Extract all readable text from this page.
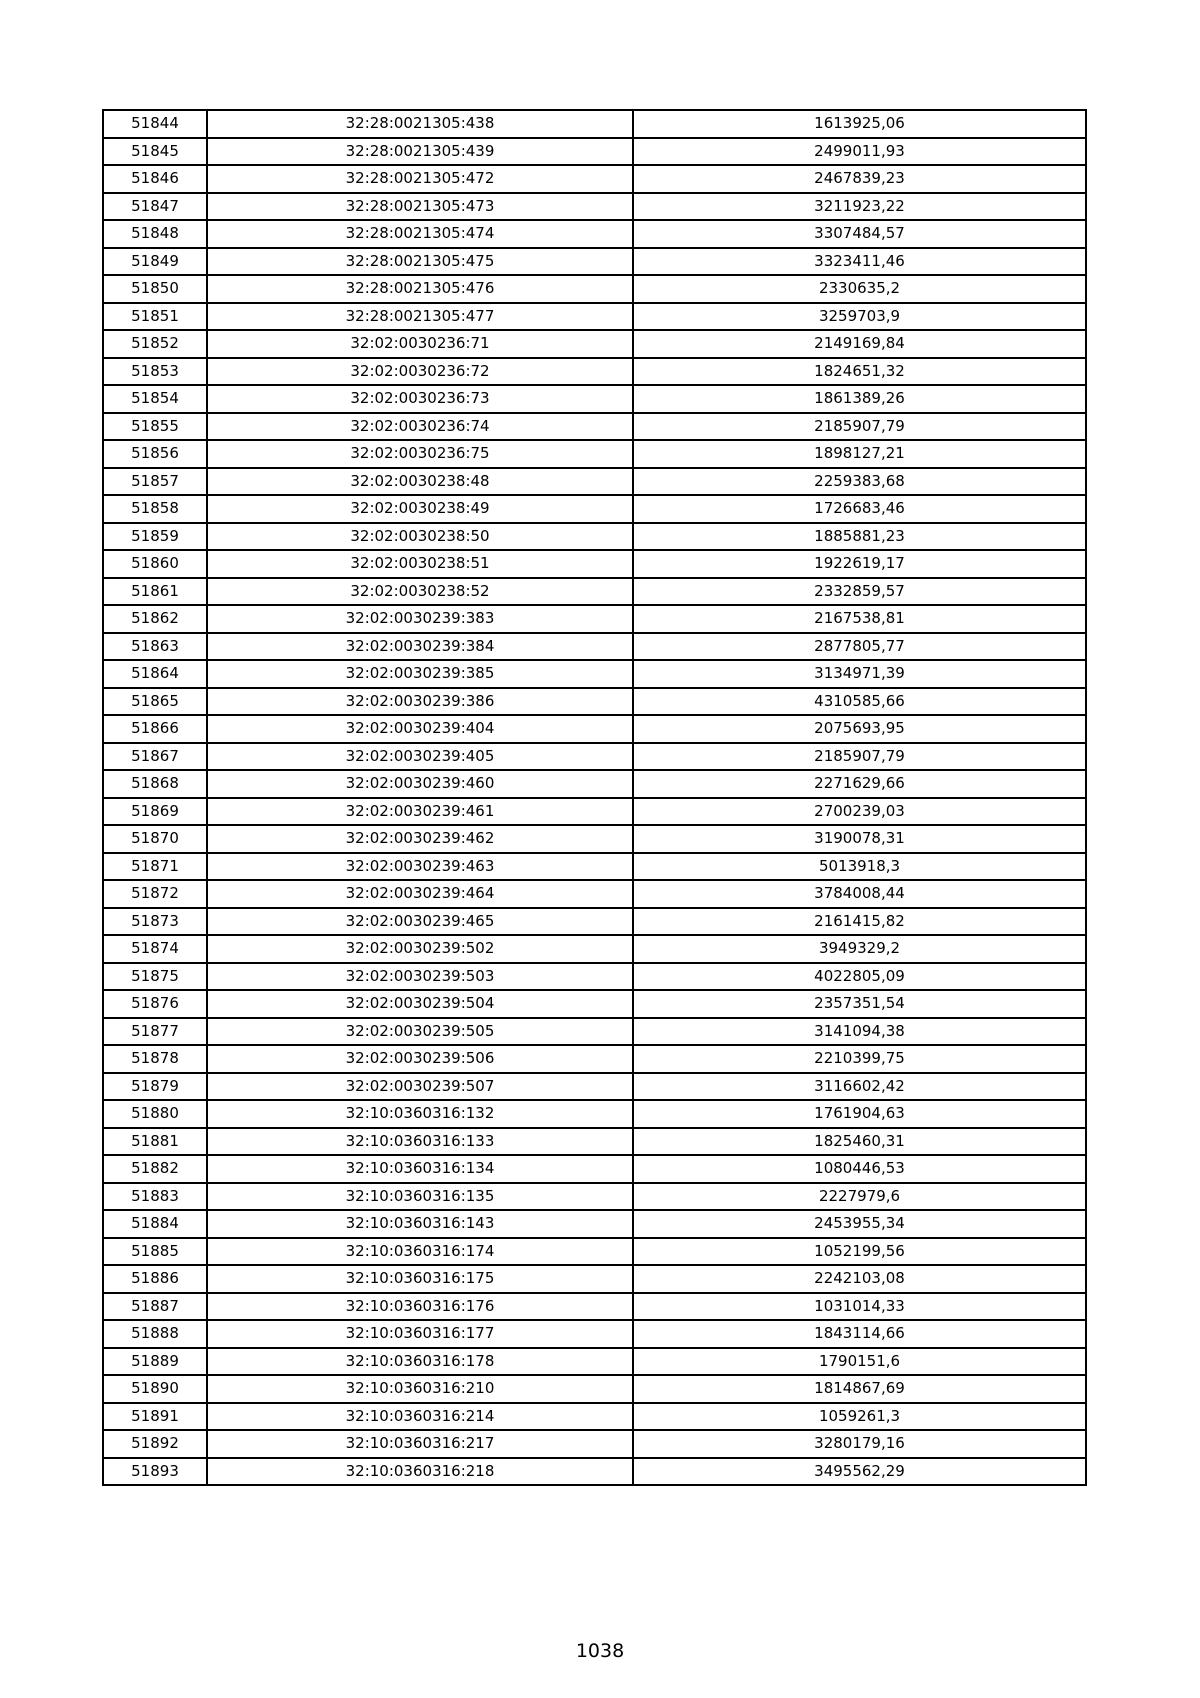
51844	32:28:0021305:438	1613925,06
51845	32:28:0021305:439	2499011,93
51846	32:28:0021305:472	2467839,23
51847	32:28:0021305:473	3211923,22
51848	32:28:0021305:474	3307484,57
51849	32:28:0021305:475	3323411,46
51850	32:28:0021305:476	2330635,2
51851	32:28:0021305:477	3259703,9
51852	32:02:0030236:71	2149169,84
51853	32:02:0030236:72	1824651,32
51854	32:02:0030236:73	1861389,26
51855	32:02:0030236:74	2185907,79
51856	32:02:0030236:75	1898127,21
51857	32:02:0030238:48	2259383,68
51858	32:02:0030238:49	1726683,46
51859	32:02:0030238:50	1885881,23
51860	32:02:0030238:51	1922619,17
51861	32:02:0030238:52	2332859,57
51862	32:02:0030239:383	2167538,81
51863	32:02:0030239:384	2877805,77
51864	32:02:0030239:385	3134971,39
51865	32:02:0030239:386	4310585,66
51866	32:02:0030239:404	2075693,95
51867	32:02:0030239:405	2185907,79
51868	32:02:0030239:460	2271629,66
51869	32:02:0030239:461	2700239,03
51870	32:02:0030239:462	3190078,31
51871	32:02:0030239:463	5013918,3
51872	32:02:0030239:464	3784008,44
51873	32:02:0030239:465	2161415,82
51874	32:02:0030239:502	3949329,2
51875	32:02:0030239:503	4022805,09
51876	32:02:0030239:504	2357351,54
51877	32:02:0030239:505	3141094,38
51878	32:02:0030239:506	2210399,75
51879	32:02:0030239:507	3116602,42
51880	32:10:0360316:132	1761904,63
51881	32:10:0360316:133	1825460,31
51882	32:10:0360316:134	1080446,53
51883	32:10:0360316:135	2227979,6
51884	32:10:0360316:143	2453955,34
51885	32:10:0360316:174	1052199,56
51886	32:10:0360316:175	2242103,08
51887	32:10:0360316:176	1031014,33
51888	32:10:0360316:177	1843114,66
51889	32:10:0360316:178	1790151,6
51890	32:10:0360316:210	1814867,69
51891	32:10:0360316:214	1059261,3
51892	32:10:0360316:217	3280179,16
51893	32:10:0360316:218	3495562,29
1038
